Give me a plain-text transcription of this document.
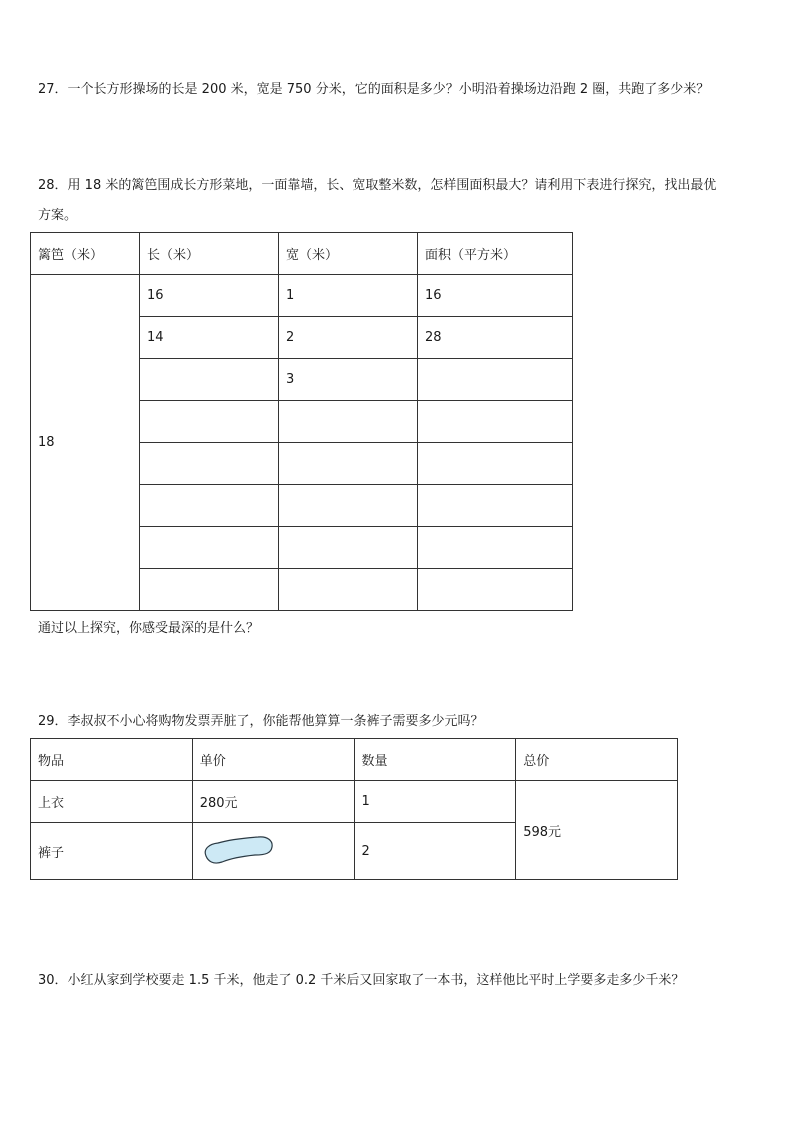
27．一个长方形操场的长是 200 米，宽是 750 分米，它的面积是多少？小明沿着操场边沿跑 2 圈，共跑了多少米？
28．用 18 米的篱笆围成长方形菜地，一面靠墙，长、宽取整米数，怎样围面积最大？请利用下表进行探究，找出最优
方案。
篱笆（米）	长（米）	宽（米）	面积（平方米）
18	16	1	16
	14	2	28
		3	

通过以上探究，你感受最深的是什么？
29．李叔叔不小心将购物发票弄脏了，你能帮他算算一条裤子需要多少元吗？
物品	单价	数量	总价
上衣	280元	1	598元
裤子		2	
30．小红从家到学校要走 1.5 千米，他走了 0.2 千米后又回家取了一本书，这样他比平时上学要多走多少千米？
